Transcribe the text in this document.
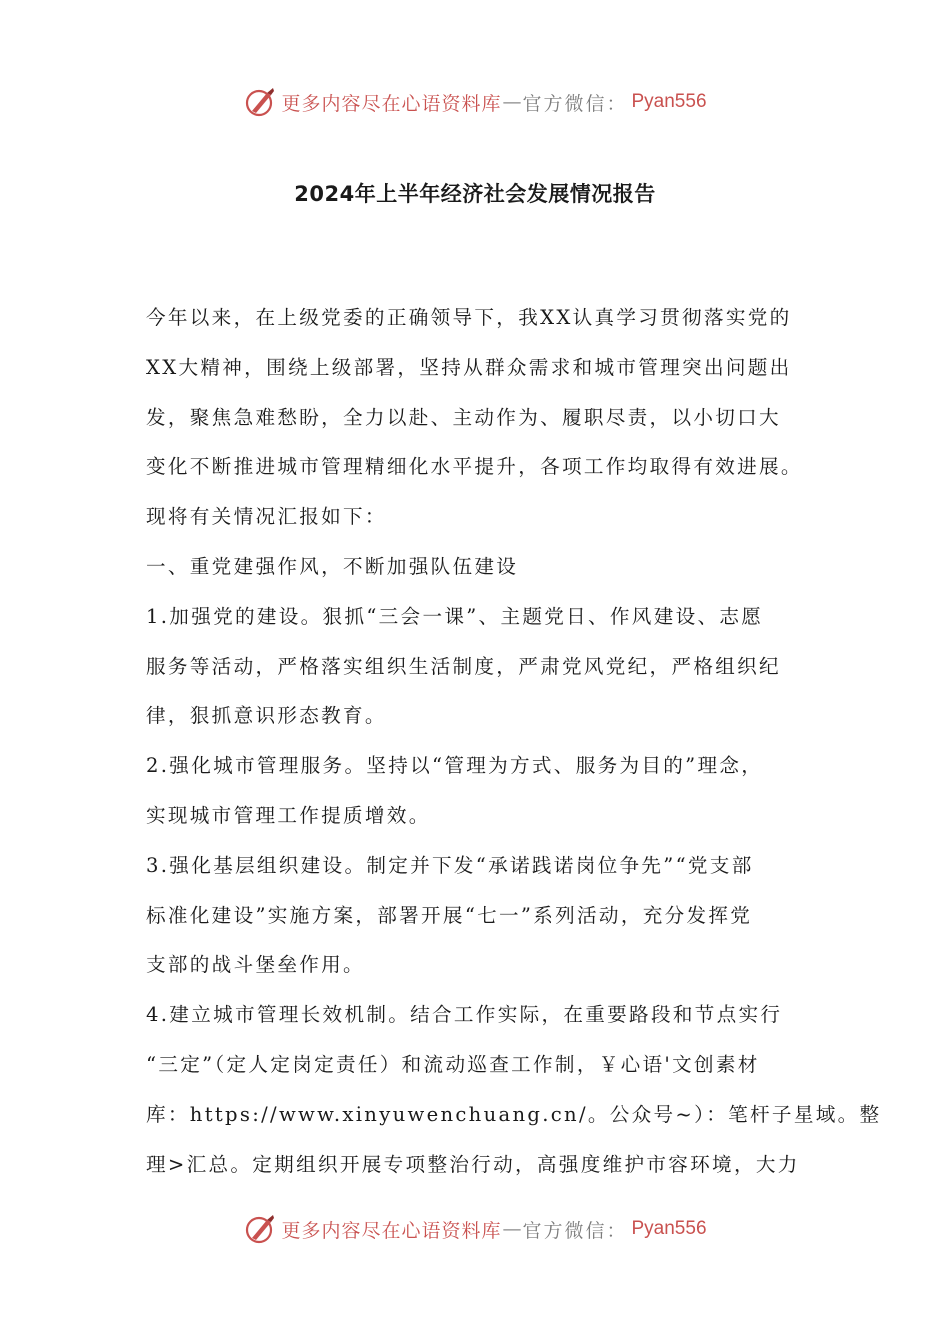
更多内容尽在心语资料库 — 官方微信： Pyan556
2024年上半年经济社会发展情况报告
今年以来，在上级党委的正确领导下，我XX认真学习贯彻落实党的
XX大精神，围绕上级部署，坚持从群众需求和城市管理突出问题出
发，聚焦急难愁盼，全力以赴、主动作为、履职尽责，以小切口大
变化不断推进城市管理精细化水平提升，各项工作均取得有效进展。
现将有关情况汇报如下：
一、重党建强作风，不断加强队伍建设
1.加强党的建设。狠抓“三会一课”、主题党日、作风建设、志愿
服务等活动，严格落实组织生活制度，严肃党风党纪，严格组织纪
律，狠抓意识形态教育。
2.强化城市管理服务。坚持以“管理为方式、服务为目的”理念，
实现城市管理工作提质增效。
3.强化基层组织建设。制定并下发“承诺践诺岗位争先”“党支部
标准化建设”实施方案，部署开展“七一”系列活动，充分发挥党
支部的战斗堡垒作用。
4.建立城市管理长效机制。结合工作实际，在重要路段和节点实行
“三定”（定人定岗定责任）和流动巡查工作制，￥心语'文创素材
库：https://www.xinyuwenchuang.cn/。公众号~）：笔杆子星域。整
理>汇总。定期组织开展专项整治行动，高强度维护市容环境，大力
更多内容尽在心语资料库 — 官方微信： Pyan556
